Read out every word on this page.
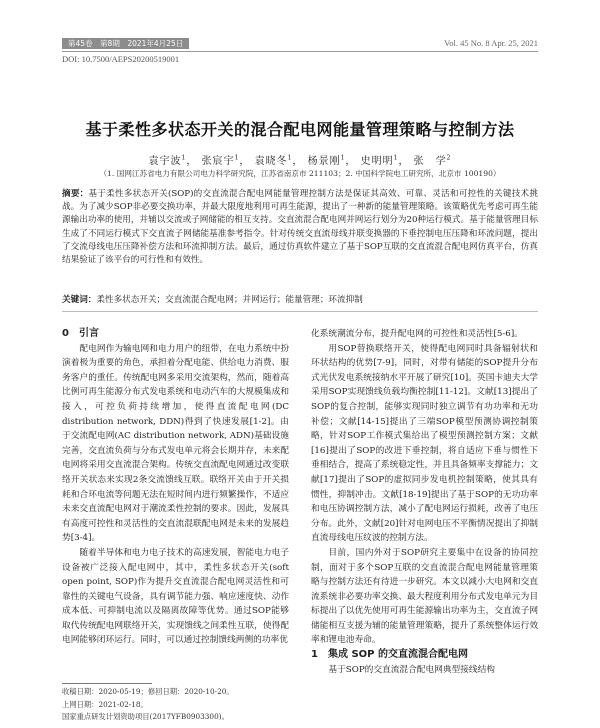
第45卷　第8期　2021年4月25日	Vol. 45 No. 8 Apr. 25, 2021
DOI: 10.7500/AEPS20200519001
基于柔性多状态开关的混合配电网能量管理策略与控制方法
袁宇波$^1$， 张宸宇$^1$， 袁晓冬$^1$， 杨景刚$^1$， 史明明$^1$， 张　学$^2$
（1. 国网江苏省电力有限公司电力科学研究院，江苏省南京市 211103；2. 中国科学院电工研究所，北京市 100190）
摘要：基于柔性多状态开关(SOP)的交直流混合配电网能量管理控制方法是保证其高效、可靠、灵活和可控性的关键技术挑战。为了减少SOP非必要交换功率，并最大限度地利用可再生能源，提出了一种新的能量管理策略。该策略优先考虑可再生能源输出功率的使用，并辅以交流或子网储能的相互支持。交直流混合配电网并网运行划分为20种运行模式。基于能量管理目标生成了不同运行模式下交直流子网储能基准参考指令。针对传统交直流母线并联变换器的下垂控制电压压降和环流问题，提出了交流母线电压压降补偿方法和环流抑制方法。最后，通过仿真软件建立了基于SOP互联的交直流混合配电网仿真平台，仿真结果验证了该平台的可行性和有效性。
关键词：柔性多状态开关；交直流混合配电网；并网运行；能量管理；环流抑制

0　引言

配电网作为输电网和电力用户的纽带，在电力系统中扮演着极为重要的角色，承担着分配电能、供给电力消费、服务客户的重任。传统配电网多采用交流架构，然而，随着高比例可再生能源分布式发电系统和电动汽车的大规模集成和接入，可控负荷持续增加，使得直流配电网(DC distribution network, DDN)得到了快速发展[1-2]。由于交流配电网(AC distribution network, ADN)基础设施完善，交直流负荷与分布式发电单元将会长期并存，未来配电网将采用交直流混合架构。传统交直流配电网通过改变联络开关状态来实现2条交流馈线互联。联络开关由于开关损耗和合环电流等问题无法在短时间内进行频繁操作，不适应未来交直流配电网对于潮流柔性控制的要求。因此，发展具有高度可控性和灵活性的交直流混联配电网是未来的发展趋势[3-4]。

随着半导体和电力电子技术的高速发展，智能电力电子设备被广泛接入配电网中，其中，柔性多状态开关(soft open point, SOP)作为提升交直流混合配电网灵活性和可靠性的关键电气设备，具有调节能力强、响应速度快、动作成本低、可抑制电流以及隔离故障等优势。通过SOP能够取代传统配电网联络开关，实现馈线之间柔性互联，使得配电网能够闭环运行。同时，可以通过控制馈线两侧的功率优

化系统潮流分布，提升配电网的可控性和灵活性[5-6]。

用SOP替换联络开关，使得配电网同时具备辐射状和环状结构的优势[7-9]，同时，对带有储能的SOP提升分布式光伏发电系统接纳水平开展了研究[10]。英国卡迪夫大学采用SOP实现馈线负载均衡控制[11-12]。文献[13]提出了SOP的复合控制，能够实现同时独立调节有功功率和无功补偿；文献[14-15]提出了三端SOP模型预测协调控制策略，针对SOP工作模式集给出了模型预测控制方案；文献[16]提出了SOP的改进下垂控制，将自适应下垂与惯性下垂相结合，提高了系统稳定性，并且具备频率支撑能力；文献[17]提出了SOP的虚拟同步发电机控制策略，使其具有惯性，抑制冲击。文献[18-19]提出了基于SOP的无功功率和电压协调控制方法，减小了配电网运行损耗，改善了电压分布。此外，文献[20]针对电网电压不平衡情况提出了抑制直流母线电压纹波的控制方法。

目前，国内外对于SOP研究主要集中在设备的协同控制，面对于多个SOP互联的交直流混合配电网能量管理策略与控制方法还有待进一步研究。本文以减小大电网和交直流系统非必要功率交换、最大程度利用分布式发电单元为目标提出了以优先使用可再生能源输出功率为主，交直流子网储能相互支援为辅的能量管理策略，提升了系统整体运行效率和锂电池寿命。

1　集成 SOP 的交直流混合配电网

基于SOP的交直流混合配电网典型接线结构

收稿日期：2020-05-19；修回日期：2020-10-20。
上网日期：2021-02-18。
国家重点研发计划资助项目(2017YFB0903300)。
